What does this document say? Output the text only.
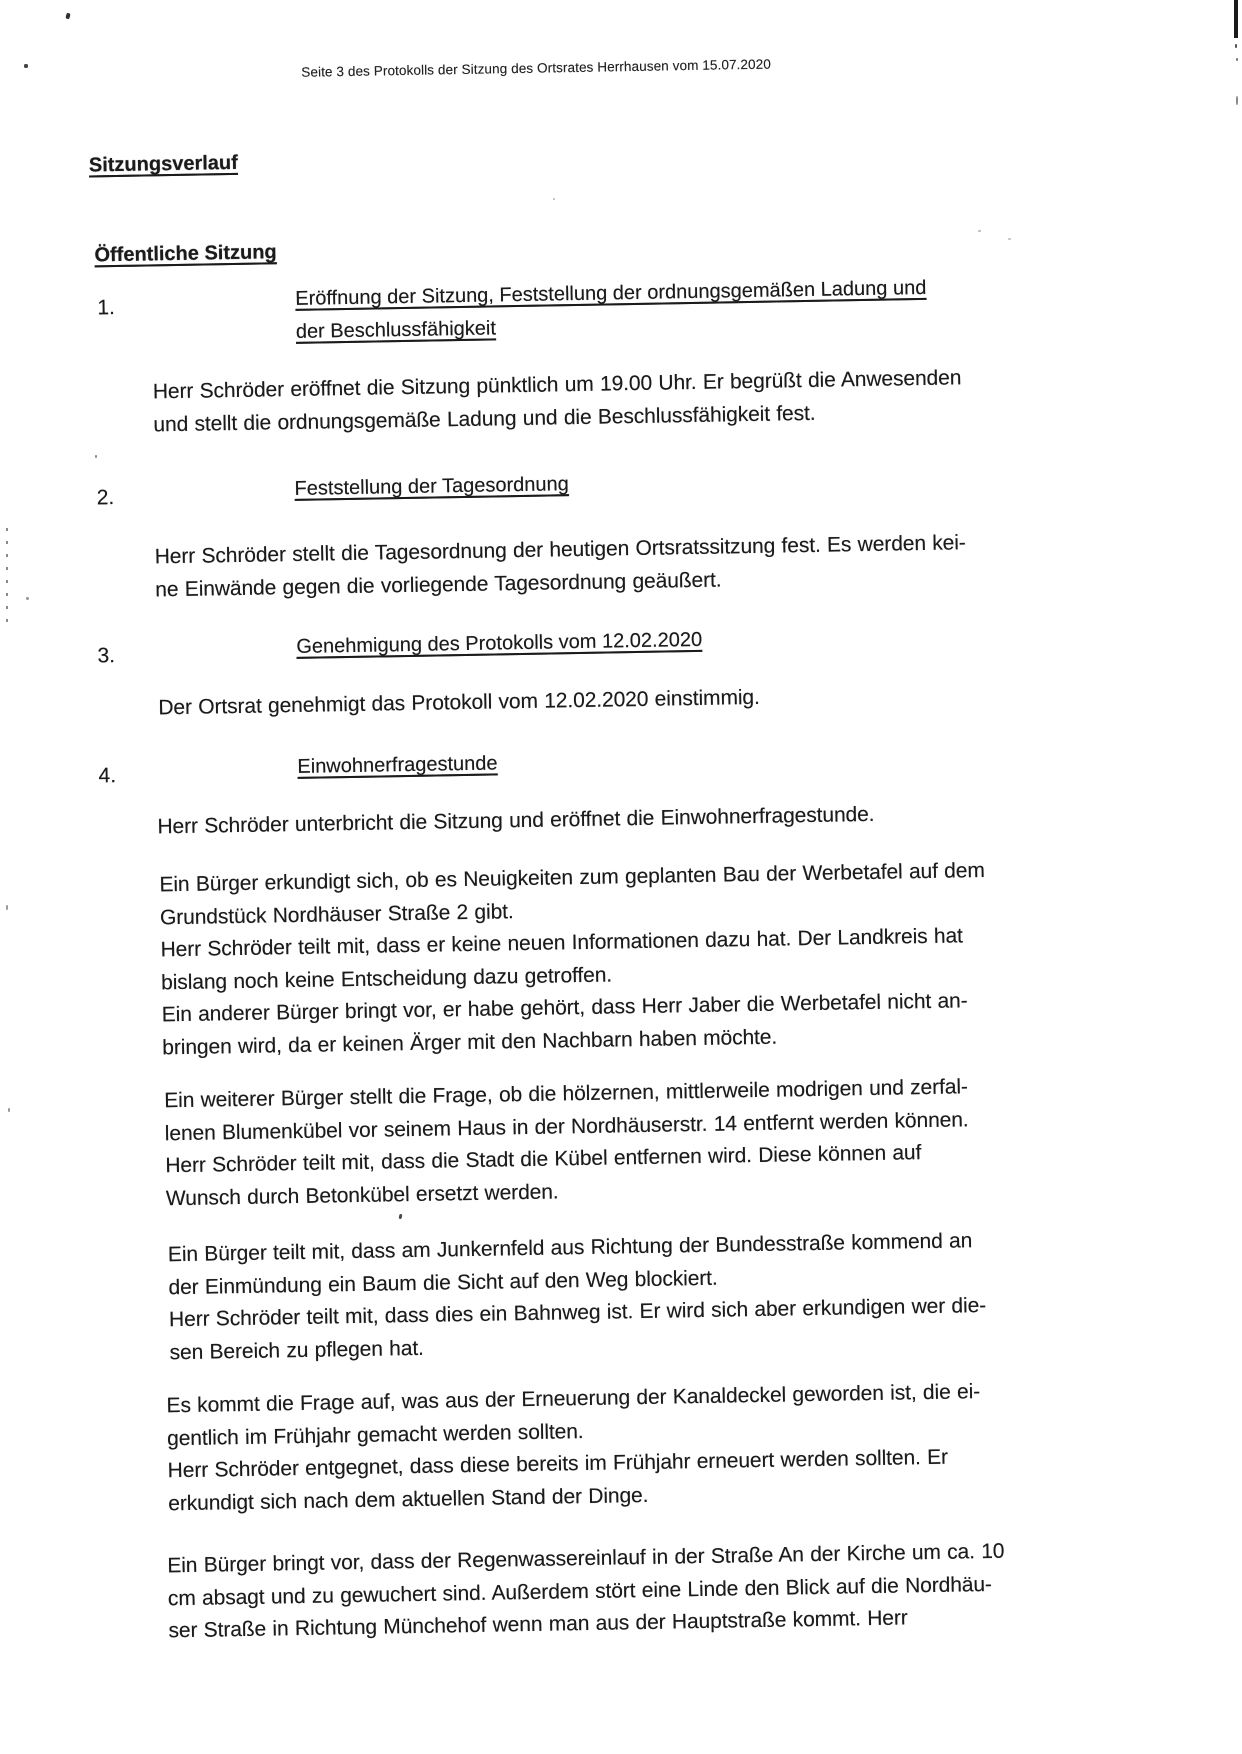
Seite 3 des Protokolls der Sitzung des Ortsrates Herrhausen vom 15.07.2020
Sitzungsverlauf
Öffentliche Sitzung
1.	Eröffnung der Sitzung, Feststellung der ordnungsgemäßen Ladung und
der Beschlussfähigkeit
Herr Schröder eröffnet die Sitzung pünktlich um 19.00 Uhr. Er begrüßt die Anwesenden
und stellt die ordnungsgemäße Ladung und die Beschlussfähigkeit fest.
2.	Feststellung der Tagesordnung
Herr Schröder stellt die Tagesordnung der heutigen Ortsratssitzung fest. Es werden kei-
ne Einwände gegen die vorliegende Tagesordnung geäußert.
3.	Genehmigung des Protokolls vom 12.02.2020
Der Ortsrat genehmigt das Protokoll vom 12.02.2020 einstimmig.
4.	Einwohnerfragestunde
Herr Schröder unterbricht die Sitzung und eröffnet die Einwohnerfragestunde.
Ein Bürger erkundigt sich, ob es Neuigkeiten zum geplanten Bau der Werbetafel auf dem
Grundstück Nordhäuser Straße 2 gibt.
Herr Schröder teilt mit, dass er keine neuen Informationen dazu hat. Der Landkreis hat
bislang noch keine Entscheidung dazu getroffen.
Ein anderer Bürger bringt vor, er habe gehört, dass Herr Jaber die Werbetafel nicht an-
bringen wird, da er keinen Ärger mit den Nachbarn haben möchte.
Ein weiterer Bürger stellt die Frage, ob die hölzernen, mittlerweile modrigen und zerfal-
lenen Blumenkübel vor seinem Haus in der Nordhäuserstr. 14 entfernt werden können.
Herr Schröder teilt mit, dass die Stadt die Kübel entfernen wird. Diese können auf
Wunsch durch Betonkübel ersetzt werden.
Ein Bürger teilt mit, dass am Junkernfeld aus Richtung der Bundesstraße kommend an
der Einmündung ein Baum die Sicht auf den Weg blockiert.
Herr Schröder teilt mit, dass dies ein Bahnweg ist. Er wird sich aber erkundigen wer die-
sen Bereich zu pflegen hat.
Es kommt die Frage auf, was aus der Erneuerung der Kanaldeckel geworden ist, die ei-
gentlich im Frühjahr gemacht werden sollten.
Herr Schröder entgegnet, dass diese bereits im Frühjahr erneuert werden sollten. Er
erkundigt sich nach dem aktuellen Stand der Dinge.
Ein Bürger bringt vor, dass der Regenwassereinlauf in der Straße An der Kirche um ca. 10
cm absagt und zu gewuchert sind. Außerdem stört eine Linde den Blick auf die Nordhäu-
ser Straße in Richtung Münchehof wenn man aus der Hauptstraße kommt. Herr
